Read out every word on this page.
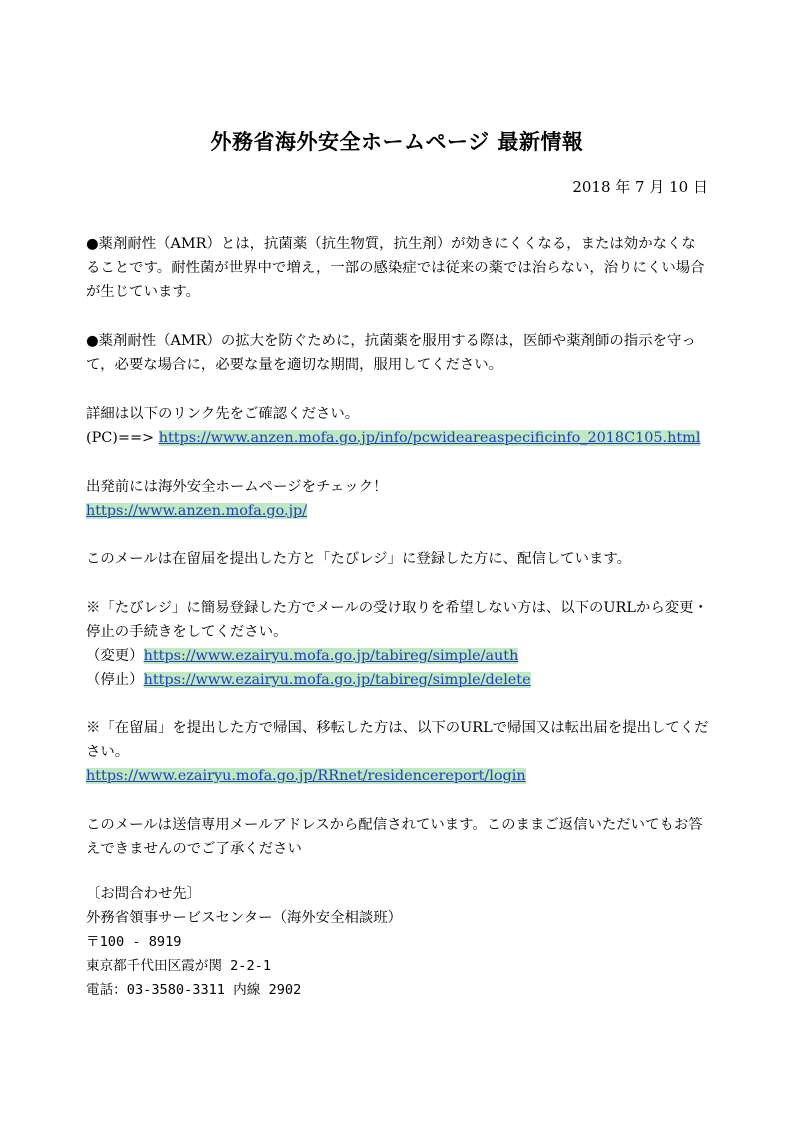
外務省海外安全ホームページ 最新情報
2018 年 7 月 10 日

●薬剤耐性（AMR）とは，抗菌薬（抗生物質，抗生剤）が効きにくくなる，または効かなくなることです。耐性菌が世界中で増え，一部の感染症では従来の薬では治らない，治りにくい場合が生じています。

●薬剤耐性（AMR）の拡大を防ぐために，抗菌薬を服用する際は，医師や薬剤師の指示を守って，必要な場合に，必要な量を適切な期間，服用してください。

詳細は以下のリンク先をご確認ください。

(PC)==> https://www.anzen.mofa.go.jp/info/pcwideareaspecificinfo_2018C105.html

出発前には海外安全ホームページをチェック！

https://www.anzen.mofa.go.jp/

このメールは在留届を提出した方と「たびレジ」に登録した方に、配信しています。

※「たびレジ」に簡易登録した方でメールの受け取りを希望しない方は、以下のURLから変更・停止の手続きをしてください。

（変更）https://www.ezairyu.mofa.go.jp/tabireg/simple/auth

（停止）https://www.ezairyu.mofa.go.jp/tabireg/simple/delete

※「在留届」を提出した方で帰国、移転した方は、以下のURLで帰国又は転出届を提出してください。

https://www.ezairyu.mofa.go.jp/RRnet/residencereport/login

このメールは送信専用メールアドレスから配信されています。このままご返信いただいてもお答えできませんのでご了承ください

〔お問合わせ先〕

外務省領事サービスセンター（海外安全相談班）

〒100 - 8919

東京都千代田区霞が関 2-2-1

電話：03-3580-3311 内線 2902
